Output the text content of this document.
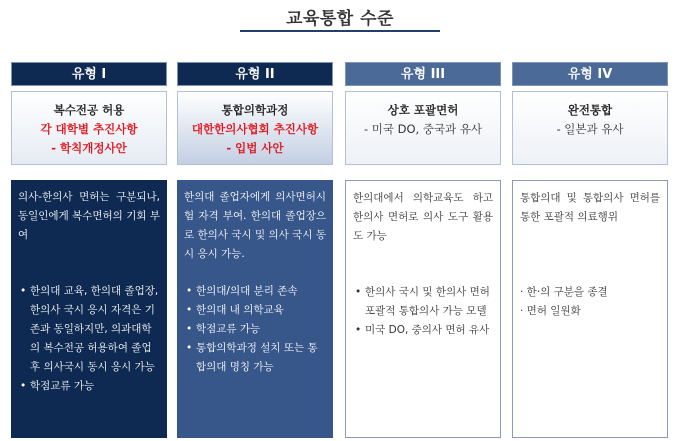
교육통합 수준
유형 I
복수전공 허용
각 대학별 추진사항
- 학칙개정사안
의사-한의사 면허는 구분되나, 동일인에게 복수면허의 기회 부여
• 한의대 교육, 한의대 졸업장, 한의사 국시 응시 자격은 기존과 동일하지만, 의과대학의 복수전공 허용하여 졸업 후 의사국시 동시 응시 가능
• 학점교류 가능
유형 II
통합의학과정
대한한의사협회 추진사항
- 입법 사안
한의대 졸업자에게 의사면허시험 자격 부여. 한의대 졸업장으로 한의사 국시 및 의사 국시 동시 응시 가능.
• 한의대/의대 분리 존속
• 한의대 내 의학교육
• 학점교류 가능
• 통합의학과정 설치 또는 통합의대 명칭 가능
유형 III
상호 포괄면허
- 미국 DO, 중국과 유사
한의대에서 의학교육도 하고 한의사 면허로 의사 도구 활용도 가능
• 한의사 국시 및 한의사 면허 포괄적 통합의사 가능 모델
• 미국 DO, 중의사 면허 유사
유형 IV
완전통합
- 일본과 유사
통합의대 및 통합의사 면허를 통한 포괄적 의료행위
· 한·의 구분을 종결
· 면허 일원화
